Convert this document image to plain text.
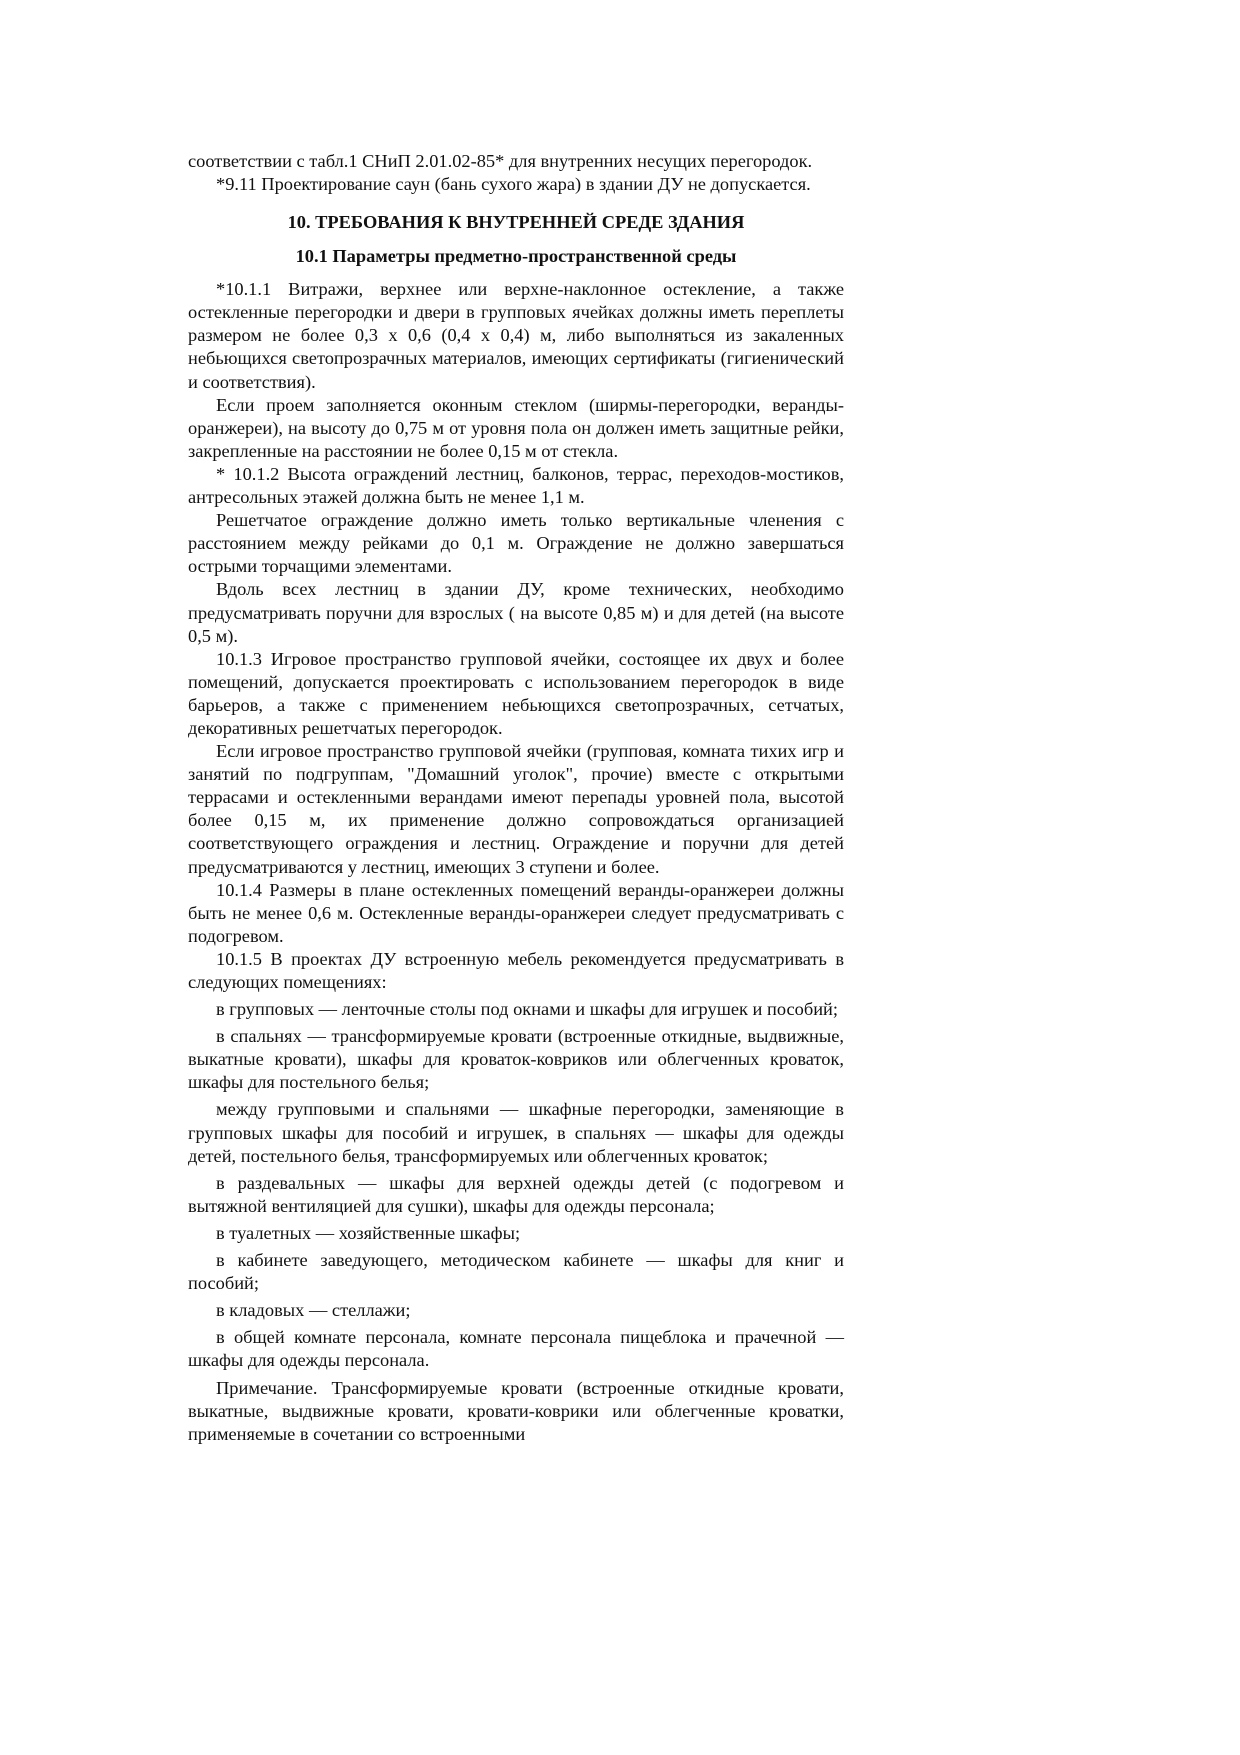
соответствии с табл.1 СНиП 2.01.02-85* для внутренних несущих перегородок.

*9.11 Проектирование саун (бань сухого жара) в здании ДУ не допускается.

10. ТРЕБОВАНИЯ К ВНУТРЕННЕЙ СРЕДЕ ЗДАНИЯ
10.1 Параметры предметно-пространственной среды

*10.1.1 Витражи, верхнее или верхне-наклонное остекление, а также остекленные перегородки и двери в групповых ячейках должны иметь переплеты размером не более 0,3 x 0,6 (0,4 x 0,4) м, либо выполняться из закаленных небьющихся светопрозрачных материалов, имеющих сертификаты (гигиенический и соответствия).

Если проем заполняется оконным стеклом (ширмы-перегородки, веранды-оранжереи), на высоту до 0,75 м от уровня пола он должен иметь защитные рейки, закрепленные на расстоянии не более 0,15 м от стекла.

* 10.1.2 Высота ограждений лестниц, балконов, террас, переходов-мостиков, антресольных этажей должна быть не менее 1,1 м.

Решетчатое ограждение должно иметь только вертикальные членения с расстоянием между рейками до 0,1 м. Ограждение не должно завершаться острыми торчащими элементами.

Вдоль всех лестниц в здании ДУ, кроме технических, необходимо предусматривать поручни для взрослых ( на высоте 0,85 м) и для детей (на высоте 0,5 м).

10.1.3 Игровое пространство групповой ячейки, состоящее их двух и более помещений, допускается проектировать с использованием перегородок в виде барьеров, а также с применением небьющихся светопрозрачных, сетчатых, декоративных решетчатых перегородок.

Если игровое пространство групповой ячейки (групповая, комната тихих игр и занятий по подгруппам, "Домашний уголок", прочие) вместе с открытыми террасами и остекленными верандами имеют перепады уровней пола, высотой более 0,15 м, их применение должно сопровождаться организацией соответствующего ограждения и лестниц. Ограждение и поручни для детей предусматриваются у лестниц, имеющих 3 ступени и более.

10.1.4 Размеры в плане остекленных помещений веранды-оранжереи должны быть не менее 0,6 м. Остекленные веранды-оранжереи следует предусматривать с подогревом.

10.1.5 В проектах ДУ встроенную мебель рекомендуется предусматривать в следующих помещениях:

в групповых — ленточные столы под окнами и шкафы для игрушек и пособий;

в спальнях — трансформируемые кровати (встроенные откидные, выдвижные, выкатные кровати), шкафы для кроваток-ковриков или облегченных кроваток, шкафы для постельного белья;

между групповыми и спальнями — шкафные перегородки, заменяющие в групповых шкафы для пособий и игрушек, в спальнях — шкафы для одежды детей, постельного белья, трансформируемых или облегченных кроваток;

в раздевальных — шкафы для верхней одежды детей (с подогревом и вытяжной вентиляцией для сушки), шкафы для одежды персонала;

в туалетных — хозяйственные шкафы;

в кабинете заведующего, методическом кабинете — шкафы для книг и пособий;

в кладовых — стеллажи;

в общей комнате персонала, комнате персонала пищеблока и прачечной — шкафы для одежды персонала.

Примечание. Трансформируемые кровати (встроенные откидные кровати, выкатные, выдвижные кровати, кровати-коврики или облегченные кроватки, применяемые в сочетании со встроенными
